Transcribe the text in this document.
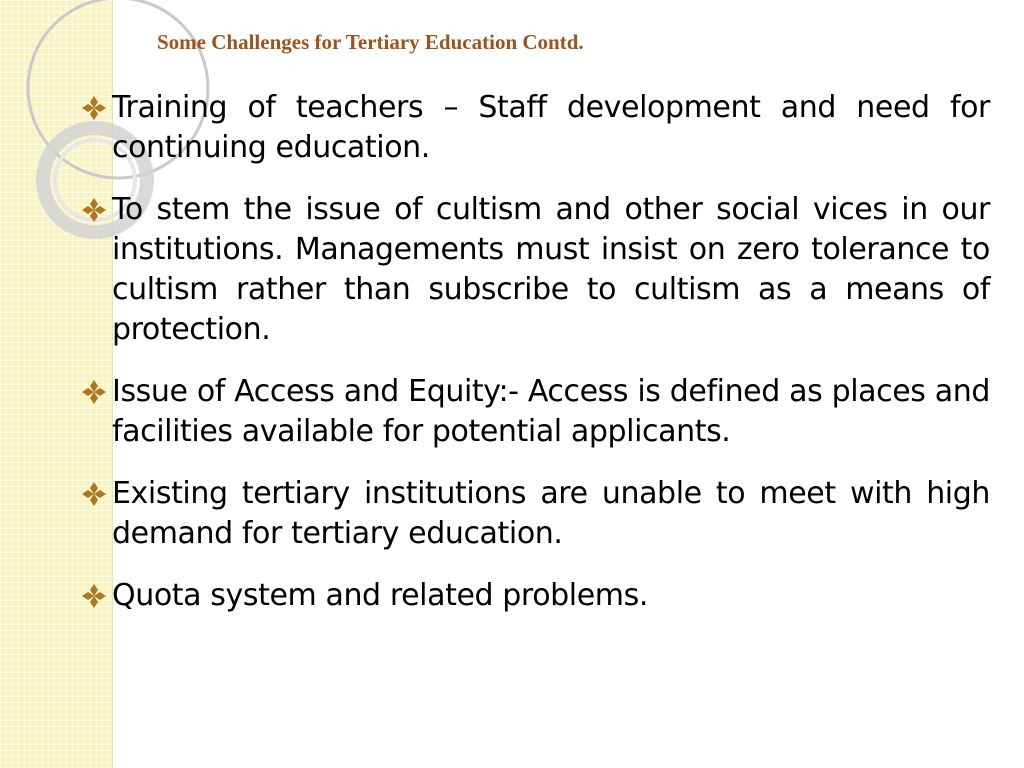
Some Challenges for Tertiary Education Contd.
Training of teachers – Staff development and need for continuing education.
To stem the issue of cultism and other social vices in our institutions. Managements must insist on zero tolerance to cultism rather than subscribe to cultism as a means of protection.
Issue of Access and Equity:- Access is defined as places and facilities available for potential applicants.
Existing tertiary institutions are unable to meet with high demand for tertiary education.
Quota system and related problems.
